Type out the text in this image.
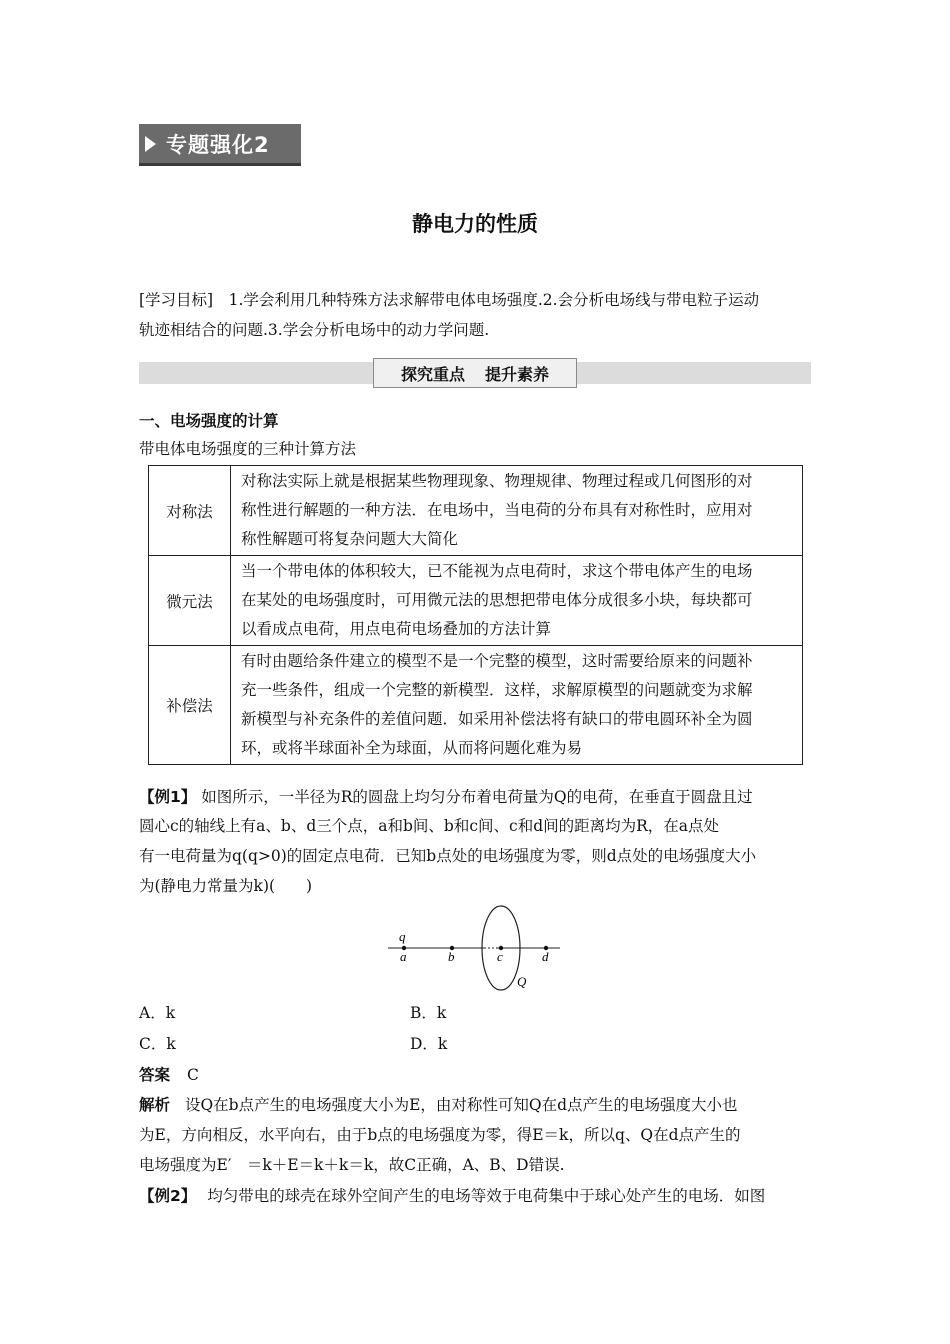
专题强化2
静电力的性质
[学习目标]　1.学会利用几种特殊方法求解带电体电场强度.2.会分析电场线与带电粒子运动
轨迹相结合的问题.3.学会分析电场中的动力学问题.
探究重点 提升素养
一、电场强度的计算
带电体电场强度的三种计算方法
对称法	对称法实际上就是根据某些物理现象、物理规律、物理过程或几何图形的对
称性进行解题的一种方法．在电场中，当电荷的分布具有对称性时，应用对
称性解题可将复杂问题大大简化

微元法	当一个带电体的体积较大，已不能视为点电荷时，求这个带电体产生的电场
在某处的电场强度时，可用微元法的思想把带电体分成很多小块，每块都可
以看成点电荷，用点电荷电场叠加的方法计算

补偿法	有时由题给条件建立的模型不是一个完整的模型，这时需要给原来的问题补
充一些条件，组成一个完整的新模型．这样，求解原模型的问题就变为求解
新模型与补充条件的差值问题．如采用补偿法将有缺口的带电圆环补全为圆
环，或将半球面补全为球面，从而将问题化难为易
【例1】 如图所示，一半径为R的圆盘上均匀分布着电荷量为Q的电荷，在垂直于圆盘且过
圆心c的轴线上有a、b、d三个点，a和b间、b和c间、c和d间的距离均为R，在a点处
有一电荷量为q(q>0)的固定点电荷．已知b点处的电场强度为零，则d点处的电场强度大小
为(静电力常量为k)(　　)
q
a	b	c	d
Q
A．k	B．k
C．k	D．k
答案 C
解析 设Q在b点产生的电场强度大小为E，由对称性可知Q在d点产生的电场强度大小也
为E，方向相反，水平向右，由于b点的电场强度为零，得E＝k，所以q、Q在d点产生的
电场强度为E′　＝k＋E＝k＋k＝k，故C正确，A、B、D错误.
【例2】 均匀带电的球壳在球外空间产生的电场等效于电荷集中于球心处产生的电场．如图
